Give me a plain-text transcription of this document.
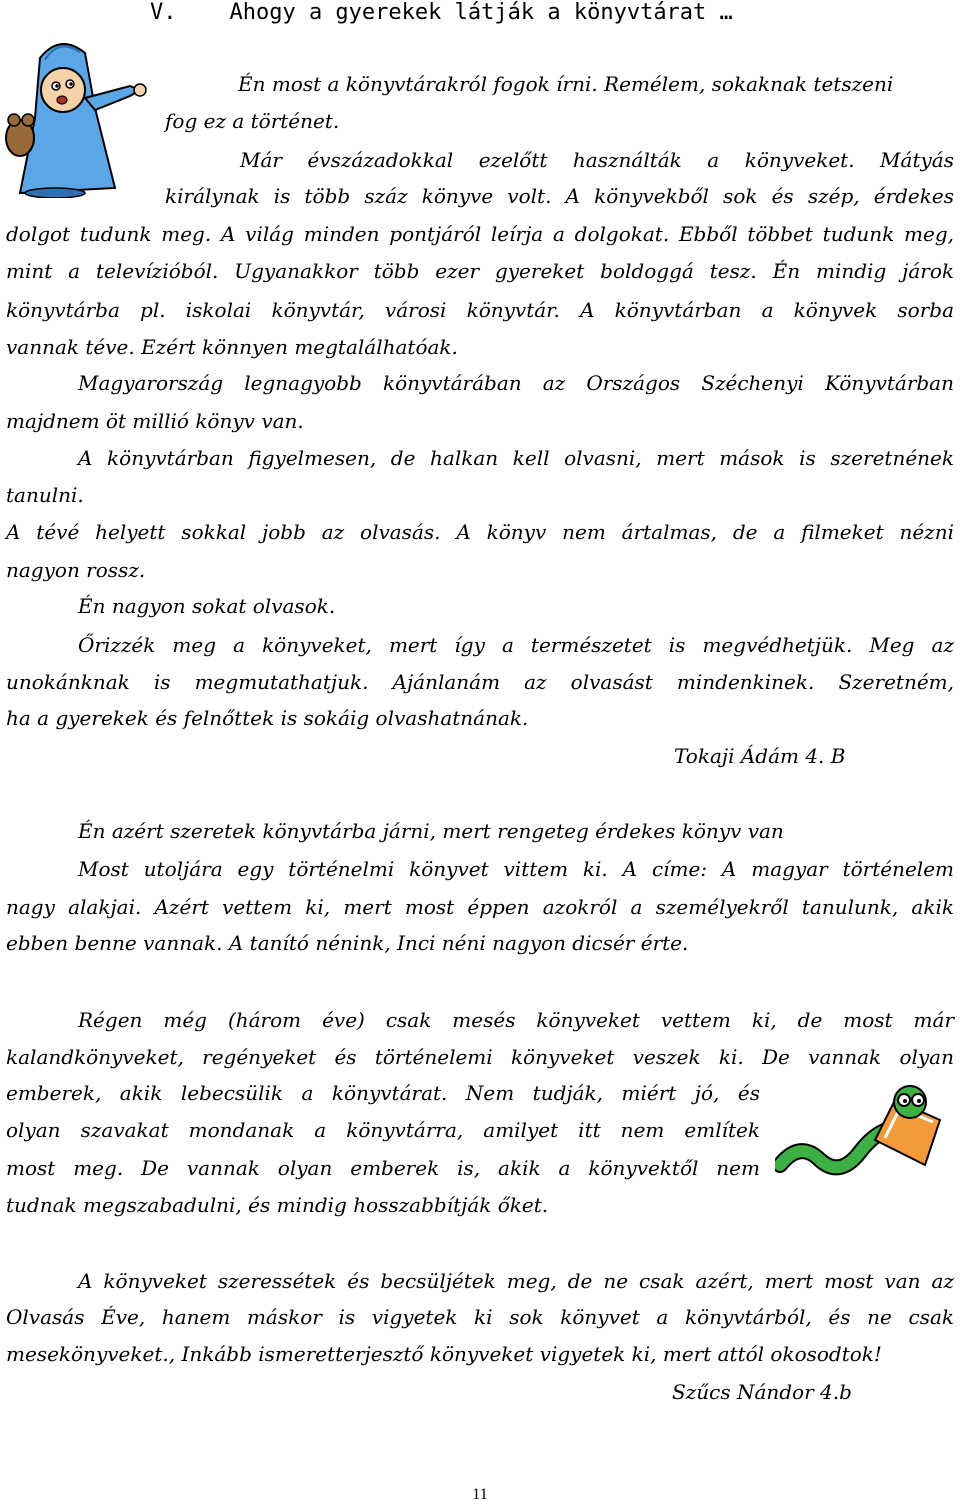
V.    Ahogy a gyerekek látják a könyvtárat …

Én most a könyvtárakról fogok írni. Remélem, sokaknak tetszeni

fog ez a történet.

Már évszázadokkal ezelőtt használták a könyveket. Mátyás

királynak is több száz könyve volt. A könyvekből sok és szép, érdekes

dolgot tudunk meg. A világ minden pontjáról leírja a dolgokat. Ebből többet tudunk meg,

mint a televízióból. Ugyanakkor több ezer gyereket boldoggá tesz. Én mindig járok

könyvtárba pl. iskolai könyvtár, városi könyvtár. A könyvtárban a könyvek sorba

vannak téve. Ezért könnyen megtalálhatóak.

Magyarország legnagyobb könyvtárában az Országos Széchenyi Könyvtárban

majdnem öt millió könyv van.

A könyvtárban figyelmesen, de halkan kell olvasni, mert mások is szeretnének

tanulni.

A tévé helyett sokkal jobb az olvasás. A könyv nem ártalmas, de a filmeket nézni

nagyon rossz.

Én nagyon sokat olvasok.

Őrizzék meg a könyveket, mert így a természetet is megvédhetjük. Meg az

unokánknak is megmutathatjuk. Ajánlanám az olvasást mindenkinek. Szeretném,

ha a gyerekek és felnőttek is sokáig olvashatnának.

Tokaji Ádám 4. B

Én azért szeretek könyvtárba járni, mert rengeteg érdekes könyv van

Most utoljára egy történelmi könyvet vittem ki. A címe: A magyar történelem

nagy alakjai. Azért vettem ki, mert most éppen azokról a személyekről tanulunk, akik

ebben benne vannak. A tanító nénink, Inci néni nagyon dicsér érte.

Régen még (három éve) csak mesés könyveket vettem ki, de most már

kalandkönyveket, regényeket és történelemi könyveket veszek ki. De vannak olyan

emberek, akik lebecsülik a könyvtárat. Nem tudják, miért jó, és

olyan szavakat mondanak a könyvtárra, amilyet itt nem említek

most meg. De vannak olyan emberek is, akik a könyvektől nem

tudnak megszabadulni, és mindig hosszabbítják őket.

A könyveket szeressétek és becsüljétek meg, de ne csak azért, mert most van az

Olvasás Éve, hanem máskor is vigyetek ki sok könyvet a könyvtárból, és ne csak

mesekönyveket., Inkább ismeretterjesztő könyveket vigyetek ki, mert attól okosodtok!

Szűcs Nándor 4.b

11
